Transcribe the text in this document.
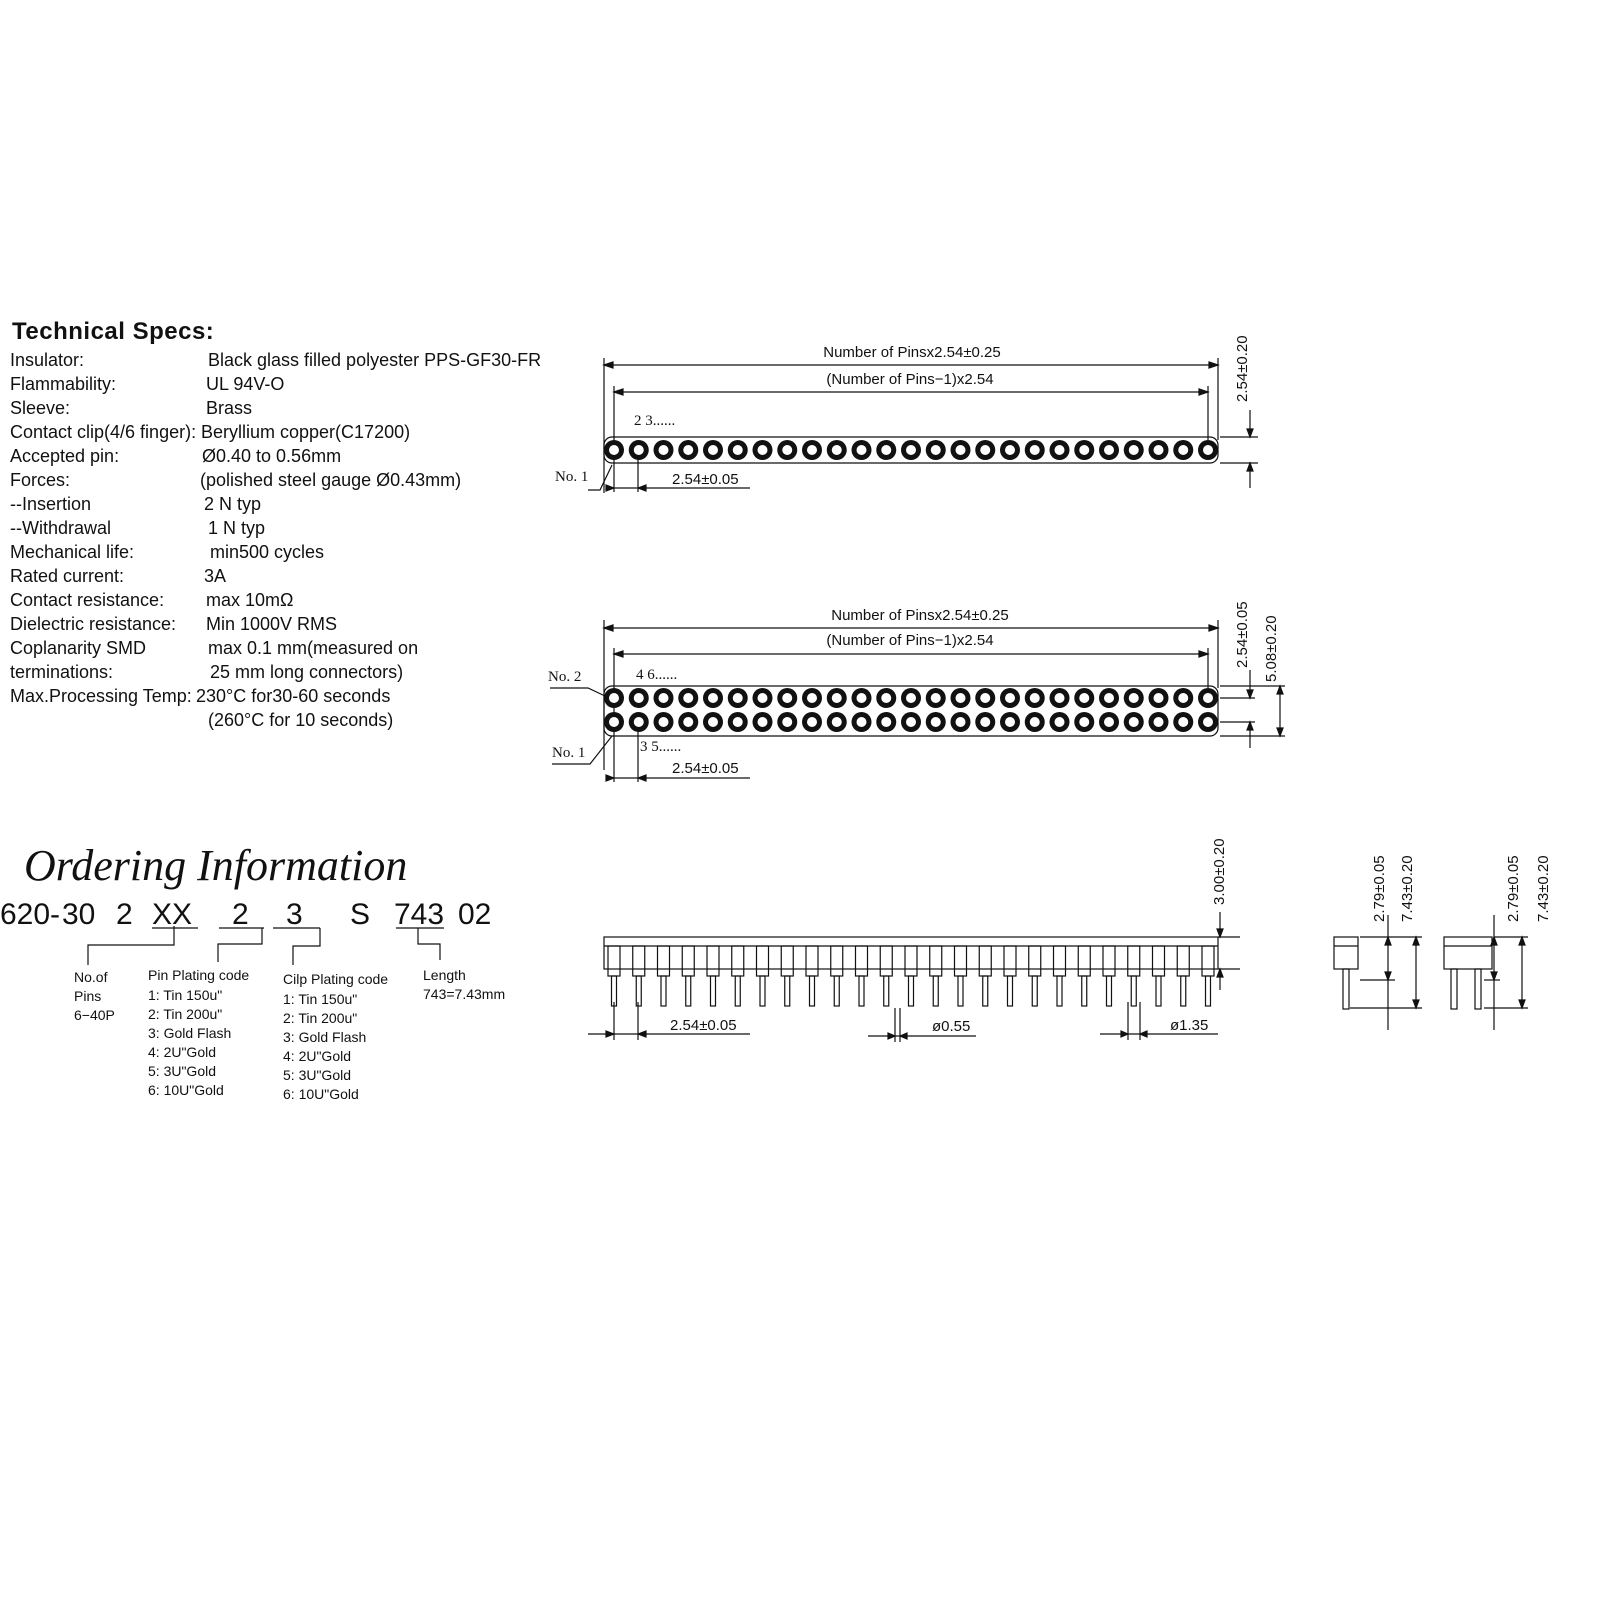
Technical Specs:
Insulator:	Black glass filled polyester PPS-GF30-FR
Flammability:	UL 94V-O
Sleeve:	Brass
Contact clip(4/6 finger): Beryllium copper(C17200)
Accepted pin:	Ø0.40 to 0.56mm
Forces:	(polished steel gauge Ø0.43mm)
--Insertion	2 N typ
--Withdrawal	1 N typ
Mechanical life:	min500 cycles
Rated current:	3A
Contact resistance: max 10mΩ
Dielectric resistance: Min 1000V RMS
Coplanarity SMD	max 0.1 mm(measured on
terminations:	25 mm long connectors)
Max.Processing Temp: 230°C for30-60 seconds
(260°C for 10 seconds)
Ordering Information
620- 30 2 XX 2 3 S 743 02
No.of
Pins
6−40P
Pin Plating code
1: Tin 150u"
2: Tin 200u"
3: Gold Flash
4: 2U"Gold
5: 3U"Gold
6: 10U"Gold
Cilp Plating code
1: Tin 150u"
2: Tin 200u"
3: Gold Flash
4: 2U"Gold
5: 3U"Gold
6: 10U"Gold
Length
743=7.43mm
Number of Pinsx2.54±0.25
(Number of Pins−1)x2.54
2 3......
No. 1	2.54±0.05
2.54±0.20
Number of Pinsx2.54±0.25
(Number of Pins−1)x2.54
4 6......
3 5......
No. 2
No. 1
2.54±0.05
2.54±0.05 5.08±0.20
3.00±0.20
2.54±0.05	ø0.55	ø1.35
2.79±0.05 7.43±0.20	2.79±0.05 7.43±0.20
